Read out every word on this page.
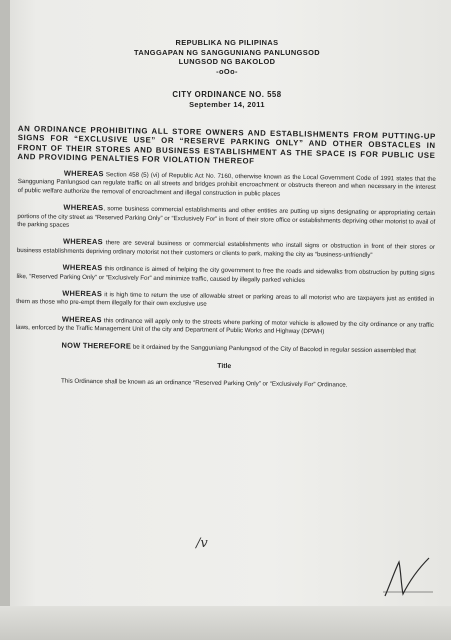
REPUBLIKA NG PILIPINAS
TANGGAPAN NG SANGGUNIANG PANLUNGSOD
LUNGSOD NG BAKOLOD
-oOo-
CITY ORDINANCE NO. 558
September 14, 2011
AN ORDINANCE PROHIBITING ALL STORE OWNERS AND ESTABLISHMENTS FROM PUTTING-UP SIGNS FOR “EXCLUSIVE USE” OR “RESERVE PARKING ONLY” AND OTHER OBSTACLES IN FRONT OF THEIR STORES AND BUSINESS ESTABLISHMENT AS THE SPACE IS FOR PUBLIC USE AND PROVIDING PENALTIES FOR VIOLATION THEREOF

WHEREAS Section 458 (5) (vi) of Republic Act No. 7160, otherwise known as the Local Government Code of 1991 states that the Sangguniang Panlungsod can regulate traffic on all streets and bridges prohibit encroachment or obstructs thereon and when necessary in the interest of public welfare authorize the removal of encroachment and illegal construction in public places

WHEREAS, some business commercial establishments and other entities are putting up signs designating or appropriating certain portions of the city street as “Reserved Parking Only” or “Exclusively For” in front of their store office or establishments depriving other motorist to avail of the parking spaces

WHEREAS there are several business or commercial establishments who install signs or obstruction in front of their stores or business establishments depriving ordinary motorist not their customers or clients to park, making the city as “business-unfriendly”

WHEREAS this ordinance is aimed of helping the city government to free the roads and sidewalks from obstruction by putting signs like, “Reserved Parking Only” or “Exclusively For” and minimize traffic, caused by illegally parked vehicles

WHEREAS it is high time to return the use of allowable street or parking areas to all motorist who are taxpayers just as entitled in them as those who pre-empt them illegally for their own exclusive use

WHEREAS this ordinance will apply only to the streets where parking of motor vehicle is allowed by the city ordinance or any traffic laws, enforced by the Traffic Management Unit of the city and Department of Public Works and Highway (DPWH)

NOW THEREFORE be it ordained by the Sangguniang Panlungsod of the City of Bacolod in regular session assembled that

Title

This Ordinance shall be known as an ordinance “Reserved Parking Only” or “Exclusively For” Ordinance.

/v
